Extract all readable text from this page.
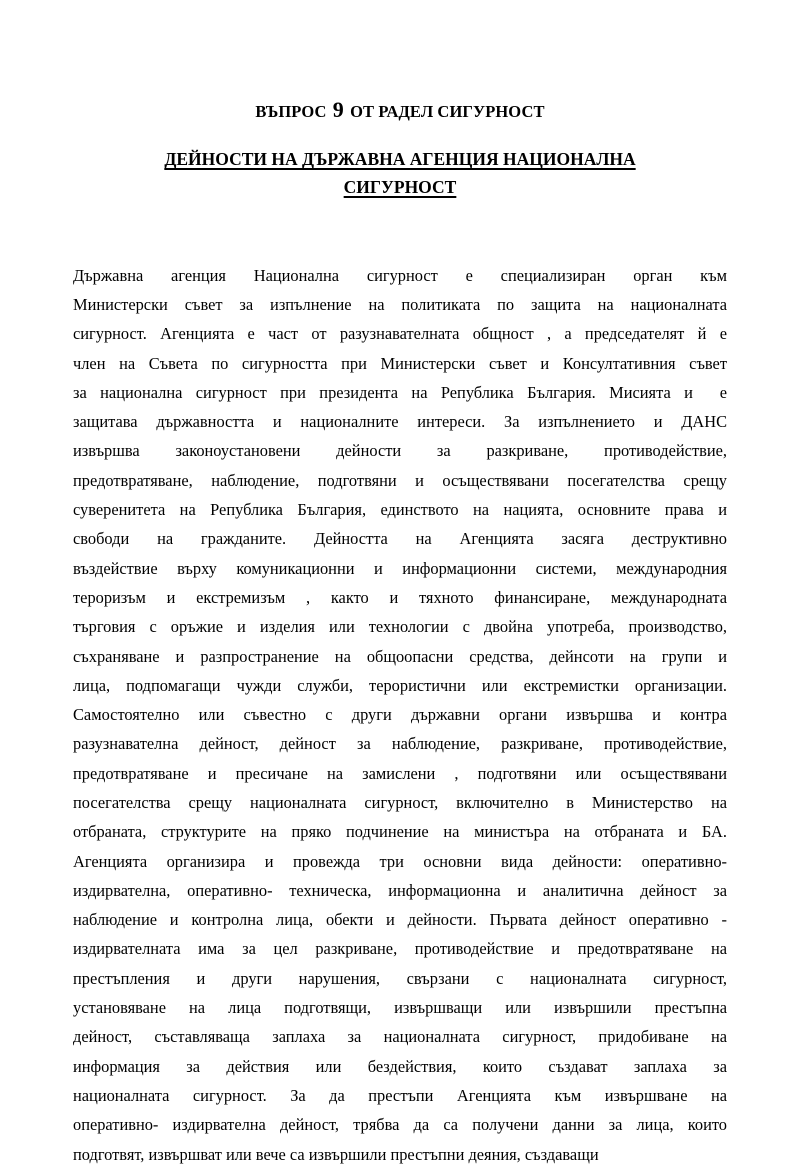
ВЪПРОС 9 ОТ РАДЕЛ СИГУРНОСТ
ДЕЙНОСТИ НА ДЪРЖАВНА АГЕНЦИЯ НАЦИОНАЛНА
СИГУРНОСТ
Държавна агенция Националнa сигурност е специализиран орган към
Министерски съвет за изпълнение на политиката по защита на националната
сигурност. Агенцията е част от разузнавателната общност , а председателят й е
член на Съвета по сигурността при Министерски съвет и Консултативния съвет
за национална сигурност при президента на Република България. Мисията и  е
защитава държавността и националните интереси. За изпълнението и ДАНС
извършва законоустановени дейности за разкриване, противодействие,
предотвратяване, наблюдение, подготвяни и осъществявани посегателства срещу
суверенитета на Република България, единството на нацията, основните права и
свободи на гражданите. Дейността на Агенцията засяга деструктивно
въздействие върху комуникационни и информационни системи, международния
тероризъм и екстремизъм , както и тяхното финансиране, международната
търговия с оръжие и изделия или технологии с двойна употреба, производство,
съхраняване и разпространение на общоопасни средства, дейнсоти на групи и
лица, подпомагащи чужди служби, терористични или екстремистки организации.
Самостоятелно или съвестно с други държавни органи извършва и контра
разузнавателна дейност, дейност за наблюдение, разкриване, противодействие,
предотвратяване и пресичане на замислени , подготвяни или осъществявани
посегателства срещу националната сигурност, включително в Министерство на
отбраната, структурите на пряко подчинение на министъра на отбраната и БА.
Агенцията организира и провежда три основни вида дейности: оперативно-
издирвателна, оперативно- техническа, информационна и аналитична дейност за
наблюдение и контролна лица, обекти и дейности. Първата дейност оперативно -
издирвателната има за цел разкриване, противодействие и предотвратяване на
престъпления и други нарушения, свързани с националната сигурност,
установяване на лица подготвящи, извършващи или извършили престъпна
дейност, съставляваща заплаха за националната сигурност, придобиване на
информация за действия или бездействия, които създават заплаха за
националната сигурност. За да престъпи Агенцията към извършване на
оперативно- издирвателна дейност, трябва да са получени данни за лица, които
подготвят, извършват или вече са извършили престъпни деяния, създаващи
